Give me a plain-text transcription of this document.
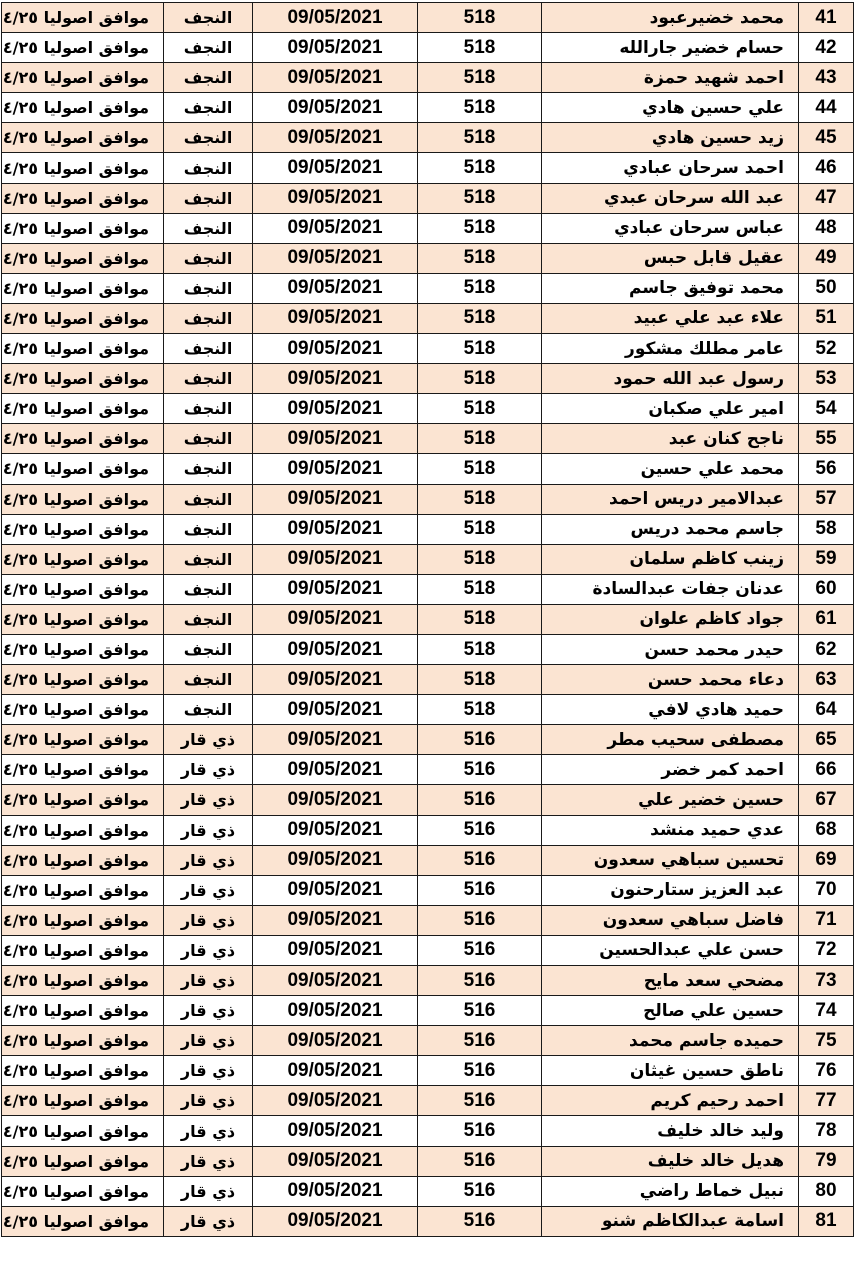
41	محمد خضيرعبود	518	09/05/2021	النجف	موافق اصوليا ٤/٢٥
42	حسام خضير جارالله	518	09/05/2021	النجف	موافق اصوليا ٤/٢٥
43	احمد شهيد حمزة	518	09/05/2021	النجف	موافق اصوليا ٤/٢٥
44	علي حسين هادي	518	09/05/2021	النجف	موافق اصوليا ٤/٢٥
45	زيد حسين هادي	518	09/05/2021	النجف	موافق اصوليا ٤/٢٥
46	احمد سرحان عبادي	518	09/05/2021	النجف	موافق اصوليا ٤/٢٥
47	عبد الله سرحان عبدي	518	09/05/2021	النجف	موافق اصوليا ٤/٢٥
48	عباس سرحان عبادي	518	09/05/2021	النجف	موافق اصوليا ٤/٢٥
49	عقيل قابل حبس	518	09/05/2021	النجف	موافق اصوليا ٤/٢٥
50	محمد توفيق جاسم	518	09/05/2021	النجف	موافق اصوليا ٤/٢٥
51	علاء عبد علي عبيد	518	09/05/2021	النجف	موافق اصوليا ٤/٢٥
52	عامر مطلك مشكور	518	09/05/2021	النجف	موافق اصوليا ٤/٢٥
53	رسول عبد الله حمود	518	09/05/2021	النجف	موافق اصوليا ٤/٢٥
54	امير علي صكبان	518	09/05/2021	النجف	موافق اصوليا ٤/٢٥
55	ناجح كنان عبد	518	09/05/2021	النجف	موافق اصوليا ٤/٢٥
56	محمد علي حسين	518	09/05/2021	النجف	موافق اصوليا ٤/٢٥
57	عبدالامير دريس احمد	518	09/05/2021	النجف	موافق اصوليا ٤/٢٥
58	جاسم محمد دريس	518	09/05/2021	النجف	موافق اصوليا ٤/٢٥
59	زينب كاظم سلمان	518	09/05/2021	النجف	موافق اصوليا ٤/٢٥
60	عدنان جفات عبدالسادة	518	09/05/2021	النجف	موافق اصوليا ٤/٢٥
61	جواد كاظم علوان	518	09/05/2021	النجف	موافق اصوليا ٤/٢٥
62	حيدر محمد حسن	518	09/05/2021	النجف	موافق اصوليا ٤/٢٥
63	دعاء محمد حسن	518	09/05/2021	النجف	موافق اصوليا ٤/٢٥
64	حميد هادي لافي	518	09/05/2021	النجف	موافق اصوليا ٤/٢٥
65	مصطفى سحيب مطر	516	09/05/2021	ذي قار	موافق اصوليا ٤/٢٥
66	احمد كمر خضر	516	09/05/2021	ذي قار	موافق اصوليا ٤/٢٥
67	حسين خضير علي	516	09/05/2021	ذي قار	موافق اصوليا ٤/٢٥
68	عدي حميد منشد	516	09/05/2021	ذي قار	موافق اصوليا ٤/٢٥
69	تحسين سباهي سعدون	516	09/05/2021	ذي قار	موافق اصوليا ٤/٢٥
70	عبد العزيز ستارحنون	516	09/05/2021	ذي قار	موافق اصوليا ٤/٢٥
71	فاضل سباهي سعدون	516	09/05/2021	ذي قار	موافق اصوليا ٤/٢٥
72	حسن علي عبدالحسين	516	09/05/2021	ذي قار	موافق اصوليا ٤/٢٥
73	مضحي سعد مايح	516	09/05/2021	ذي قار	موافق اصوليا ٤/٢٥
74	حسين علي صالح	516	09/05/2021	ذي قار	موافق اصوليا ٤/٢٥
75	حميده جاسم محمد	516	09/05/2021	ذي قار	موافق اصوليا ٤/٢٥
76	ناطق حسين غيثان	516	09/05/2021	ذي قار	موافق اصوليا ٤/٢٥
77	احمد رحيم كريم	516	09/05/2021	ذي قار	موافق اصوليا ٤/٢٥
78	وليد خالد خليف	516	09/05/2021	ذي قار	موافق اصوليا ٤/٢٥
79	هديل خالد خليف	516	09/05/2021	ذي قار	موافق اصوليا ٤/٢٥
80	نبيل خماط راضي	516	09/05/2021	ذي قار	موافق اصوليا ٤/٢٥
81	اسامة عبدالكاظم شنو	516	09/05/2021	ذي قار	موافق اصوليا ٤/٢٥
